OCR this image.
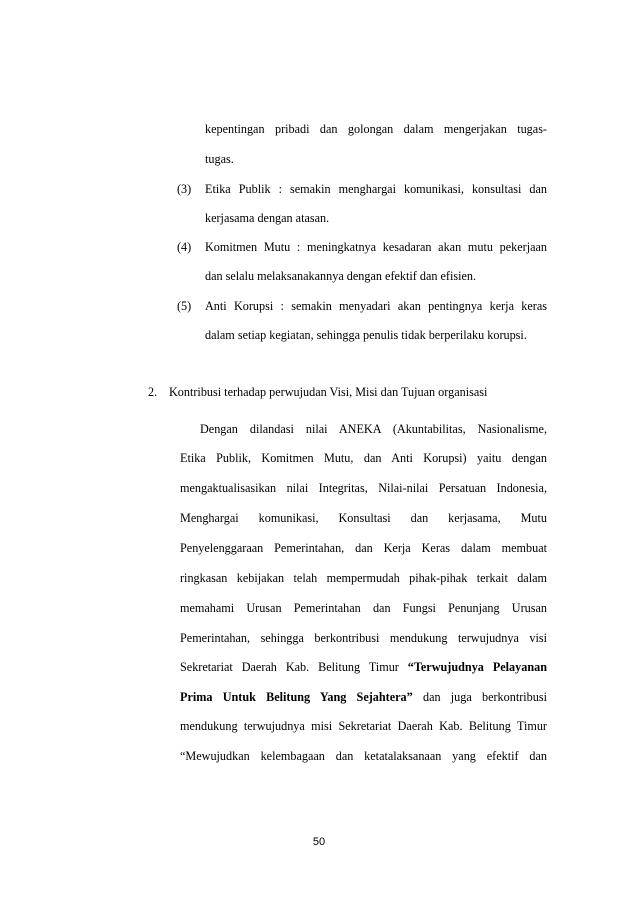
kepentingan pribadi dan golongan dalam mengerjakan tugas-
tugas.
(3) Etika Publik : semakin menghargai komunikasi, konsultasi dan
kerjasama dengan atasan.
(4) Komitmen Mutu : meningkatnya kesadaran akan mutu pekerjaan
dan selalu melaksanakannya dengan efektif dan efisien.
(5) Anti Korupsi : semakin menyadari akan pentingnya kerja keras
dalam setiap kegiatan, sehingga penulis tidak berperilaku korupsi.
2. Kontribusi terhadap perwujudan Visi, Misi dan Tujuan organisasi
Dengan dilandasi nilai ANEKA (Akuntabilitas, Nasionalisme,
Etika Publik, Komitmen Mutu, dan Anti Korupsi) yaitu dengan
mengaktualisasikan nilai Integritas, Nilai-nilai Persatuan Indonesia,
Menghargai komunikasi, Konsultasi dan kerjasama, Mutu
Penyelenggaraan Pemerintahan, dan Kerja Keras dalam membuat
ringkasan kebijakan telah mempermudah pihak-pihak terkait dalam
memahami Urusan Pemerintahan dan Fungsi Penunjang Urusan
Pemerintahan, sehingga berkontribusi mendukung terwujudnya visi
Sekretariat Daerah Kab. Belitung Timur “Terwujudnya Pelayanan
Prima Untuk Belitung Yang Sejahtera” dan juga berkontribusi
mendukung terwujudnya misi Sekretariat Daerah Kab. Belitung Timur
“Mewujudkan kelembagaan dan ketatalaksanaan yang efektif dan
50
